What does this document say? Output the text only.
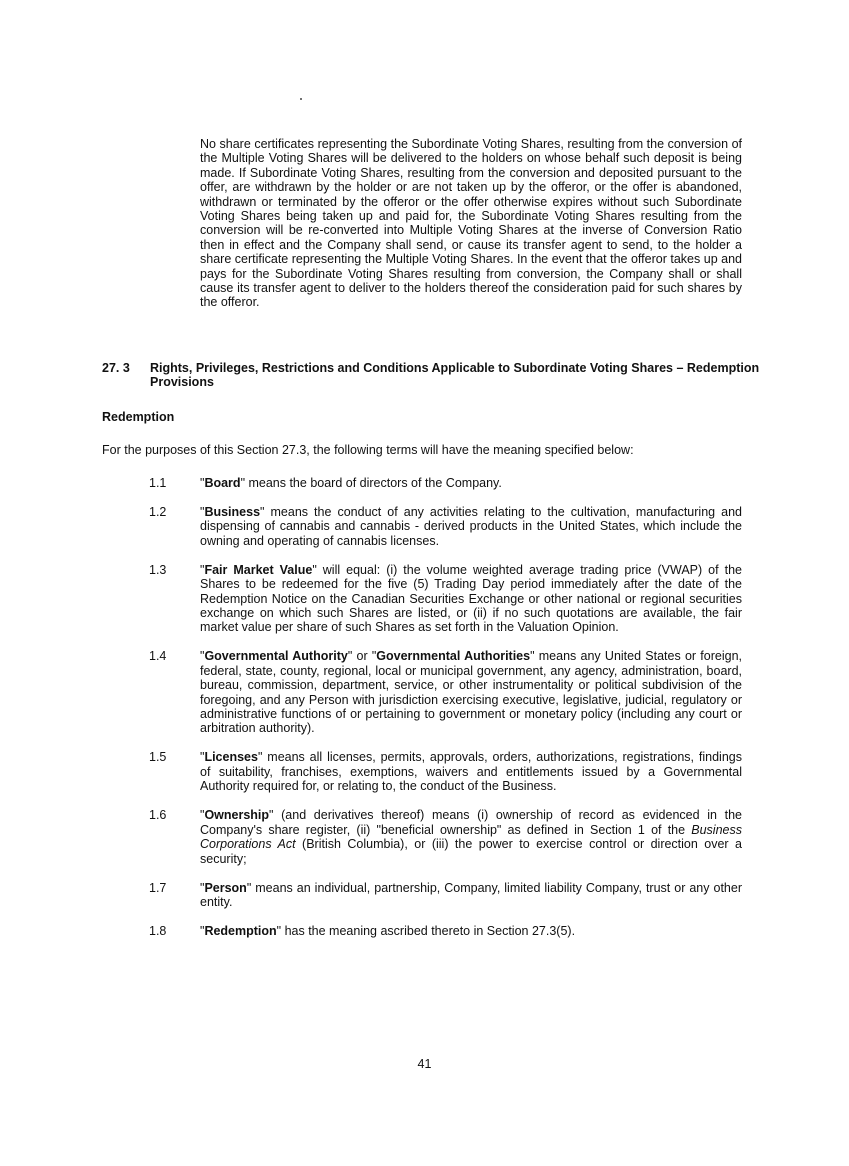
No share certificates representing the Subordinate Voting Shares, resulting from the conversion of the Multiple Voting Shares will be delivered to the holders on whose behalf such deposit is being made. If Subordinate Voting Shares, resulting from the conversion and deposited pursuant to the offer, are withdrawn by the holder or are not taken up by the offeror, or the offer is abandoned, withdrawn or terminated by the offeror or the offer otherwise expires without such Subordinate Voting Shares being taken up and paid for, the Subordinate Voting Shares resulting from the conversion will be re-converted into Multiple Voting Shares at the inverse of Conversion Ratio then in effect and the Company shall send, or cause its transfer agent to send, to the holder a share certificate representing the Multiple Voting Shares. In the event that the offeror takes up and pays for the Subordinate Voting Shares resulting from conversion, the Company shall or shall cause its transfer agent to deliver to the holders thereof the consideration paid for such shares by the offeror.

27. 3	Rights, Privileges, Restrictions and Conditions Applicable to Subordinate Voting Shares – Redemption Provisions

Redemption

For the purposes of this Section 27.3, the following terms will have the meaning specified below:

1.1	"Board" means the board of directors of the Company.
1.2	"Business" means the conduct of any activities relating to the cultivation, manufacturing and dispensing of cannabis and cannabis - derived products in the United States, which include the owning and operating of cannabis licenses.
1.3	"Fair Market Value" will equal: (i) the volume weighted average trading price (VWAP) of the Shares to be redeemed for the five (5) Trading Day period immediately after the date of the Redemption Notice on the Canadian Securities Exchange or other national or regional securities exchange on which such Shares are listed, or (ii) if no such quotations are available, the fair market value per share of such Shares as set forth in the Valuation Opinion.
1.4	"Governmental Authority" or "Governmental Authorities" means any United States or foreign, federal, state, county, regional, local or municipal government, any agency, administration, board, bureau, commission, department, service, or other instrumentality or political subdivision of the foregoing, and any Person with jurisdiction exercising executive, legislative, judicial, regulatory or administrative functions of or pertaining to government or monetary policy (including any court or arbitration authority).
1.5	"Licenses" means all licenses, permits, approvals, orders, authorizations, registrations, findings of suitability, franchises, exemptions, waivers and entitlements issued by a Governmental Authority required for, or relating to, the conduct of the Business.
1.6	"Ownership" (and derivatives thereof) means (i) ownership of record as evidenced in the Company's share register, (ii) "beneficial ownership" as defined in Section 1 of the Business Corporations Act (British Columbia), or (iii) the power to exercise control or direction over a security;
1.7	"Person" means an individual, partnership, Company, limited liability Company, trust or any other entity.
1.8	"Redemption" has the meaning ascribed thereto in Section 27.3(5).
41
